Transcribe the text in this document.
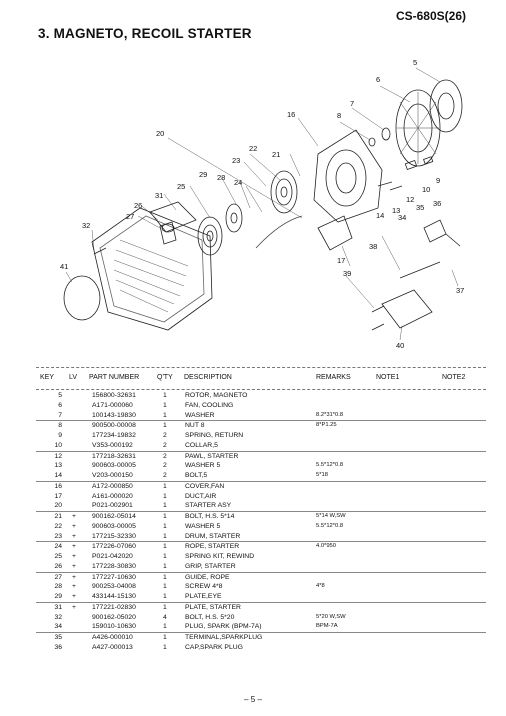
CS-680S(26)
3. MAGNETO, RECOIL STARTER
5
6
7
8
16
20
22
21
23
29 28
24
25
31
26
27
32
41
12
10
9
14
13 35 36
34
38
17
39
37
40
KEY LV PART NUMBER	Q'TY DESCRIPTION	REMARKS	NOTE1	NOTE2
5	156800-32631	1	ROTOR, MAGNETO
6	A171-000060	1	FAN, COOLING
7	100143-19830	1	WASHER	8.2*31*0.8
8	900500-00008	1	NUT 8	8*P1.25
9	177234-19832	2	SPRING, RETURN
10	V353-000192	2	COLLAR,5
12	177218-32631	2	PAWL, STARTER
13	900603-00005	2	WASHER 5	5.5*12*0.8
14	V203-000150	2	BOLT,5	5*18
16	A172-000850	1	COVER,FAN
17	A161-000020	1	DUCT,AIR
20	P021-002901	1	STARTER ASY
21 + 900162-05014	1	BOLT, H.S. 5*14	5*14 W,SW
22 + 900603-00005	1	WASHER 5	5.5*12*0.8
23 + 177215-32330	1	DRUM, STARTER
24 + 177226-07060	1	ROPE, STARTER	4.0*950
25 + P021-042020	1	SPRING KIT, REWIND
26 + 177228-30830	1	GRIP, STARTER
27 + 177227-10630	1	GUIDE, ROPE
28 + 900253-04008	1	SCREW 4*8	4*8
29 + 433144-15130	1	PLATE,EYE
31 + 177221-02830	1	PLATE, STARTER
32	900162-05020	4	BOLT, H.S. 5*20	5*20 W,SW
34	159010-10630	1	PLUG, SPARK (BPM-7A)	BPM-7A
35	A426-000010	1	TERMINAL,SPARKPLUG
36	A427-000013	1	CAP,SPARK PLUG
– 5 –
